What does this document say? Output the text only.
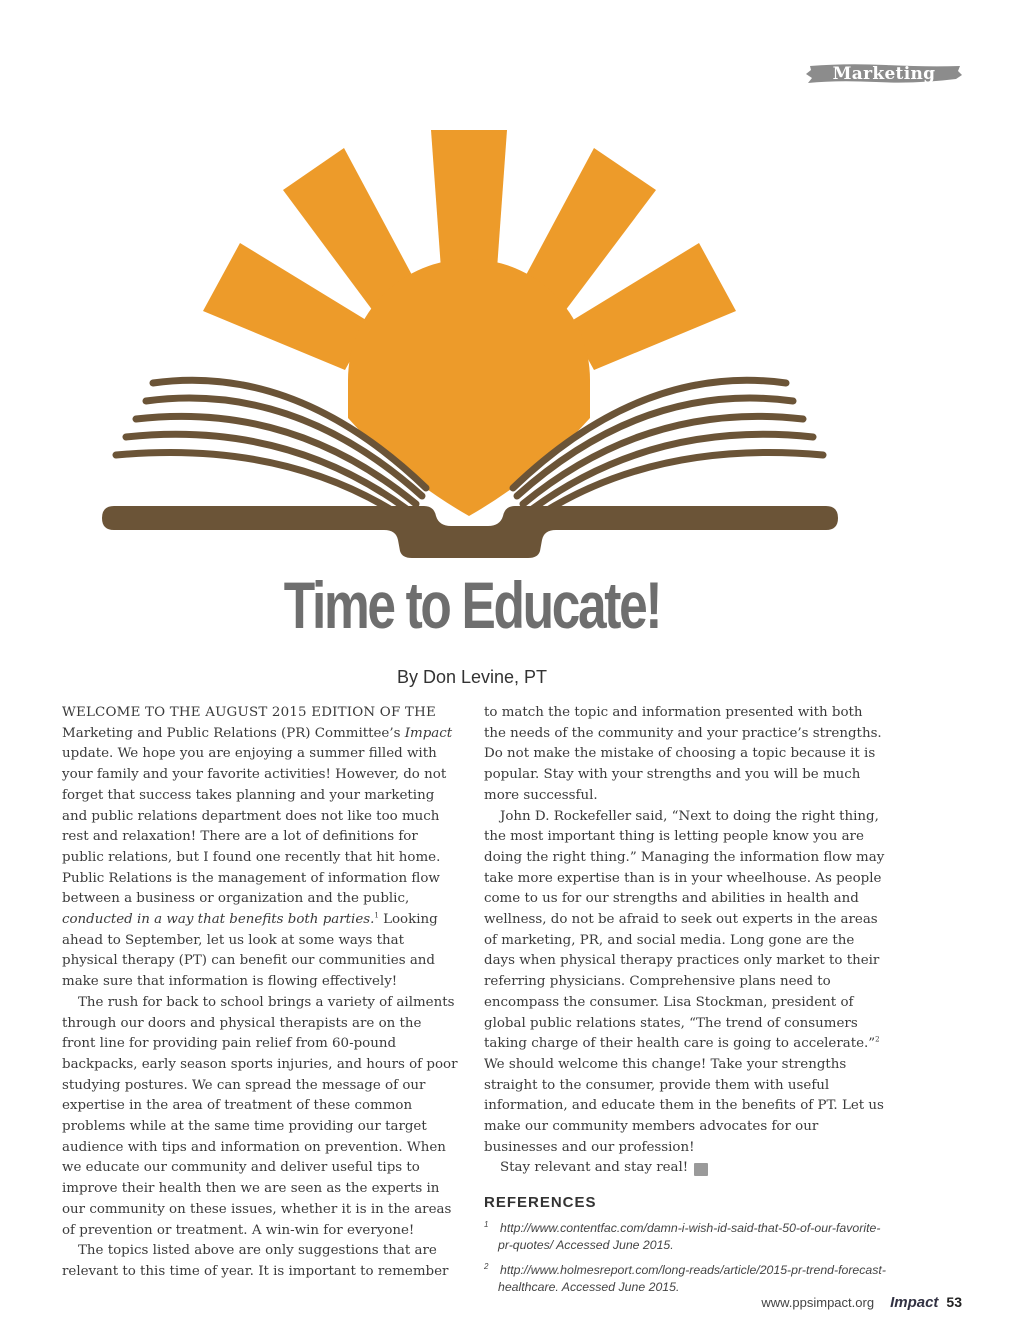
Marketing
Time to Educate!
By Don Levine, PT

WELCOME TO THE AUGUST 2015 EDITION OF THE Marketing and Public Relations (PR) Committee’s Impact update. We hope you are enjoying a summer filled with your family and your favorite activities! However, do not forget that success takes planning and your marketing and public relations department does not like too much rest and relaxation! There are a lot of definitions for public relations, but I found one recently that hit home. Public Relations is the management of information flow between a business or organization and the public, conducted in a way that benefits both parties.$^1$ Looking ahead to September, let us look at some ways that physical therapy (PT) can benefit our communities and make sure that information is flowing effectively!

The rush for back to school brings a variety of ailments through our doors and physical therapists are on the front line for providing pain relief from 60-pound backpacks, early season sports injuries, and hours of poor studying postures. We can spread the message of our expertise in the area of treatment of these common problems while at the same time providing our target audience with tips and information on prevention. When we educate our community and deliver useful tips to improve their health then we are seen as the experts in our community on these issues, whether it is in the areas of prevention or treatment. A win-win for everyone!

The topics listed above are only suggestions that are relevant to this time of year. It is important to remember

to match the topic and information presented with both the needs of the community and your practice’s strengths. Do not make the mistake of choosing a topic because it is popular. Stay with your strengths and you will be much more successful.

John D. Rockefeller said, “Next to doing the right thing, the most important thing is letting people know you are doing the right thing.” Managing the information flow may take more expertise than is in your wheelhouse. As people come to us for our strengths and abilities in health and wellness, do not be afraid to seek out experts in the areas of marketing, PR, and social media. Long gone are the days when physical therapy practices only market to their referring physicians. Comprehensive plans need to encompass the consumer. Lisa Stockman, president of global public relations states, “The trend of consumers taking charge of their health care is going to accelerate.”$^2$ We should welcome this change! Take your strengths straight to the consumer, provide them with useful information, and educate them in the benefits of PT. Let us make our community members advocates for our businesses and our profession!

Stay relevant and stay real! I

REFERENCES
1 http://www.contentfac.com/damn-i-wish-id-said-that-50-of-our-favorite-pr-quotes/ Accessed June 2015.
2 http://www.holmesreport.com/long-reads/article/2015-pr-trend-forecast-healthcare. Accessed June 2015.
www.ppsimpact.org Impact 53
